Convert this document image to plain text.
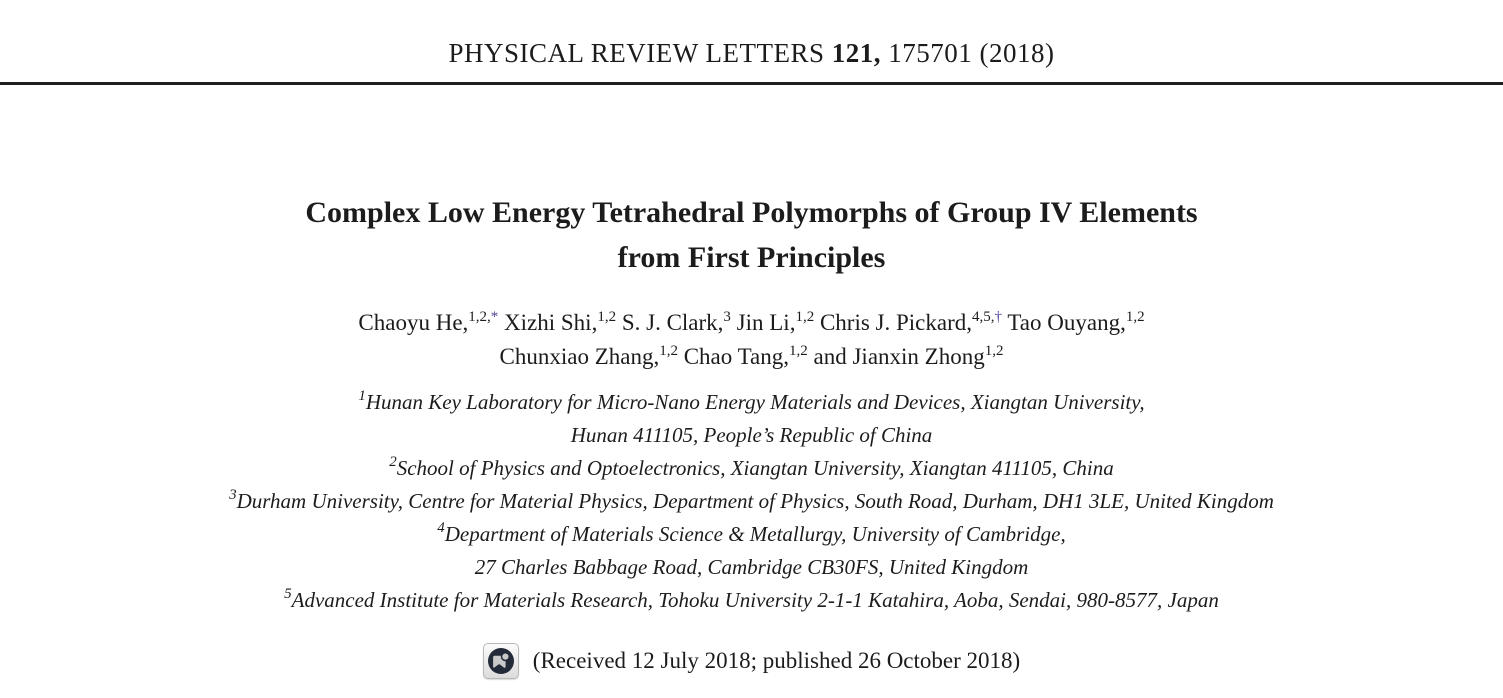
PHYSICAL REVIEW LETTERS 121, 175701 (2018)
Complex Low Energy Tetrahedral Polymorphs of Group IV Elements
from First Principles
Chaoyu He,$^{1,2,*}$ Xizhi Shi,$^{1,2}$ S. J. Clark,$^3$ Jin Li,$^{1,2}$ Chris J. Pickard,$^{4,5,\dagger}$ Tao Ouyang,$^{1,2}$
Chunxiao Zhang,$^{1,2}$ Chao Tang,$^{1,2}$ and Jianxin Zhong$^{1,2}$
$^1$Hunan Key Laboratory for Micro-Nano Energy Materials and Devices, Xiangtan University,
Hunan 411105, People’s Republic of China
$^2$School of Physics and Optoelectronics, Xiangtan University, Xiangtan 411105, China
$^3$Durham University, Centre for Material Physics, Department of Physics, South Road, Durham, DH1 3LE, United Kingdom
$^4$Department of Materials Science & Metallurgy, University of Cambridge,
27 Charles Babbage Road, Cambridge CB30FS, United Kingdom
$^5$Advanced Institute for Materials Research, Tohoku University 2-1-1 Katahira, Aoba, Sendai, 980-8577, Japan
(Received 12 July 2018; published 26 October 2018)
